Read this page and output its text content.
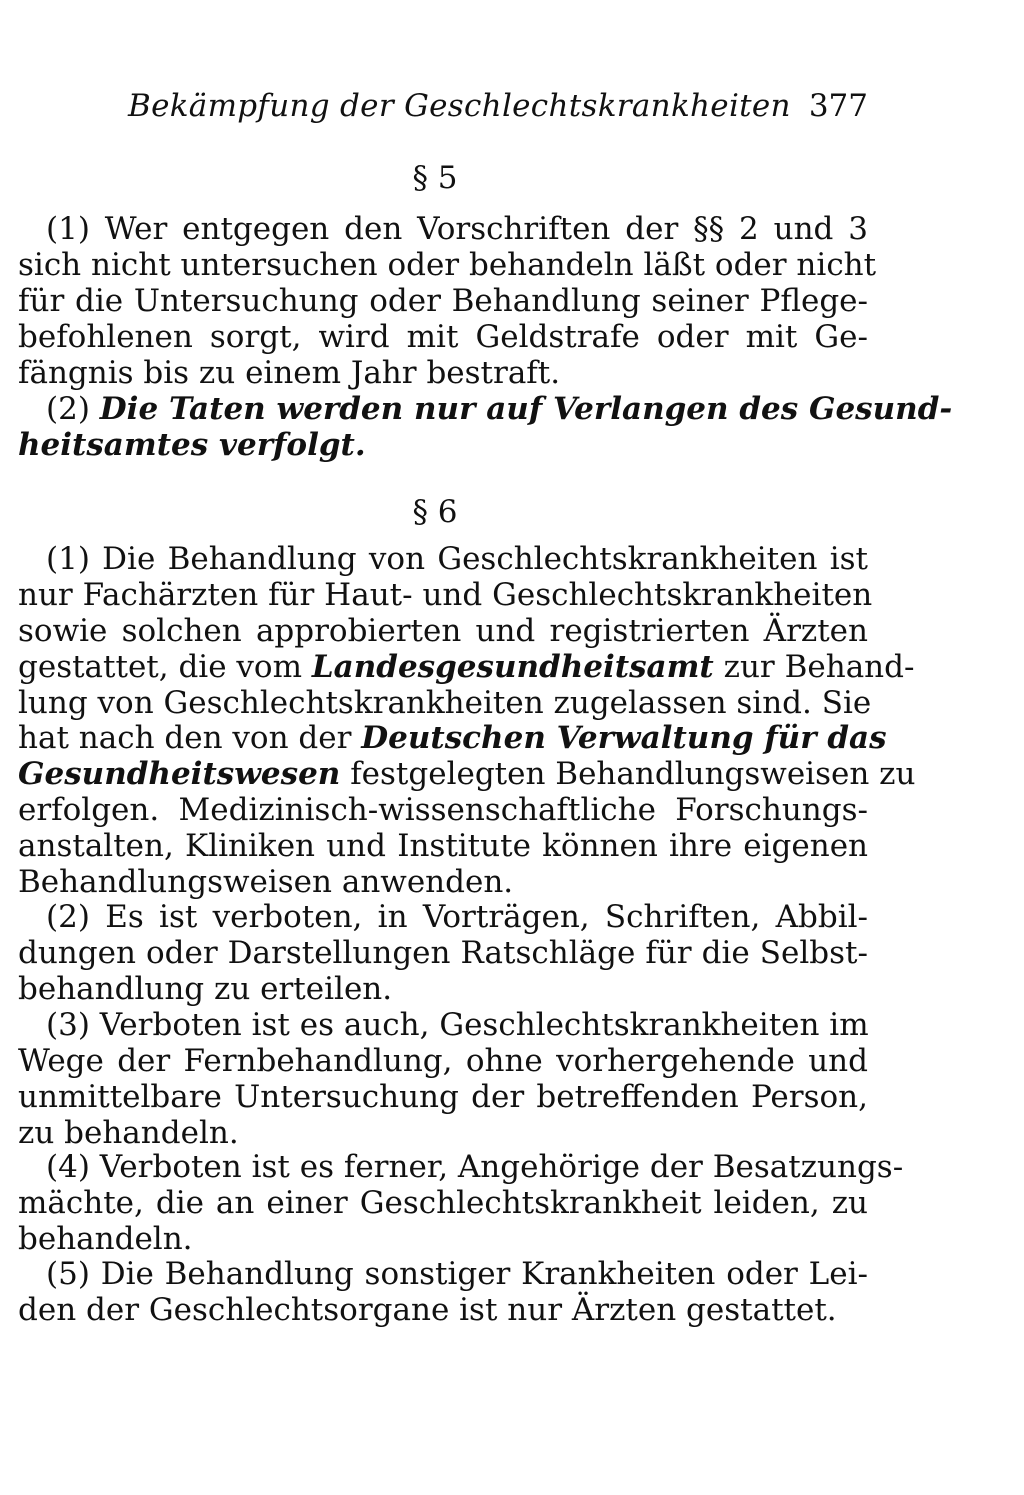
Bekämpfung der Geschlechtskrankheiten 377
§ 5
(1) Wer entgegen den Vorschriften der §§ 2 und 3
sich nicht untersuchen oder behandeln läßt oder nicht
für die Untersuchung oder Behandlung seiner Pflege-
befohlenen sorgt, wird mit Geldstrafe oder mit Ge-
fängnis bis zu einem Jahr bestraft.
(2) Die Taten werden nur auf Verlangen des Gesund-
heitsamtes verfolgt.
§ 6
(1) Die Behandlung von Geschlechtskrankheiten ist
nur Fachärzten für Haut- und Geschlechtskrankheiten
sowie solchen approbierten und registrierten Ärzten
gestattet, die vom Landesgesundheitsamt zur Behand-
lung von Geschlechtskrankheiten zugelassen sind. Sie
hat nach den von der Deutschen Verwaltung für das
Gesundheitswesen festgelegten Behandlungsweisen zu
erfolgen. Medizinisch-wissenschaftliche Forschungs-
anstalten, Kliniken und Institute können ihre eigenen
Behandlungsweisen anwenden.
(2) Es ist verboten, in Vorträgen, Schriften, Abbil-
dungen oder Darstellungen Ratschläge für die Selbst-
behandlung zu erteilen.
(3) Verboten ist es auch, Geschlechtskrankheiten im
Wege der Fernbehandlung, ohne vorhergehende und
unmittelbare Untersuchung der betreffenden Person,
zu behandeln.
(4) Verboten ist es ferner, Angehörige der Besatzungs-
mächte, die an einer Geschlechtskrankheit leiden, zu
behandeln.
(5) Die Behandlung sonstiger Krankheiten oder Lei-
den der Geschlechtsorgane ist nur Ärzten gestattet.
